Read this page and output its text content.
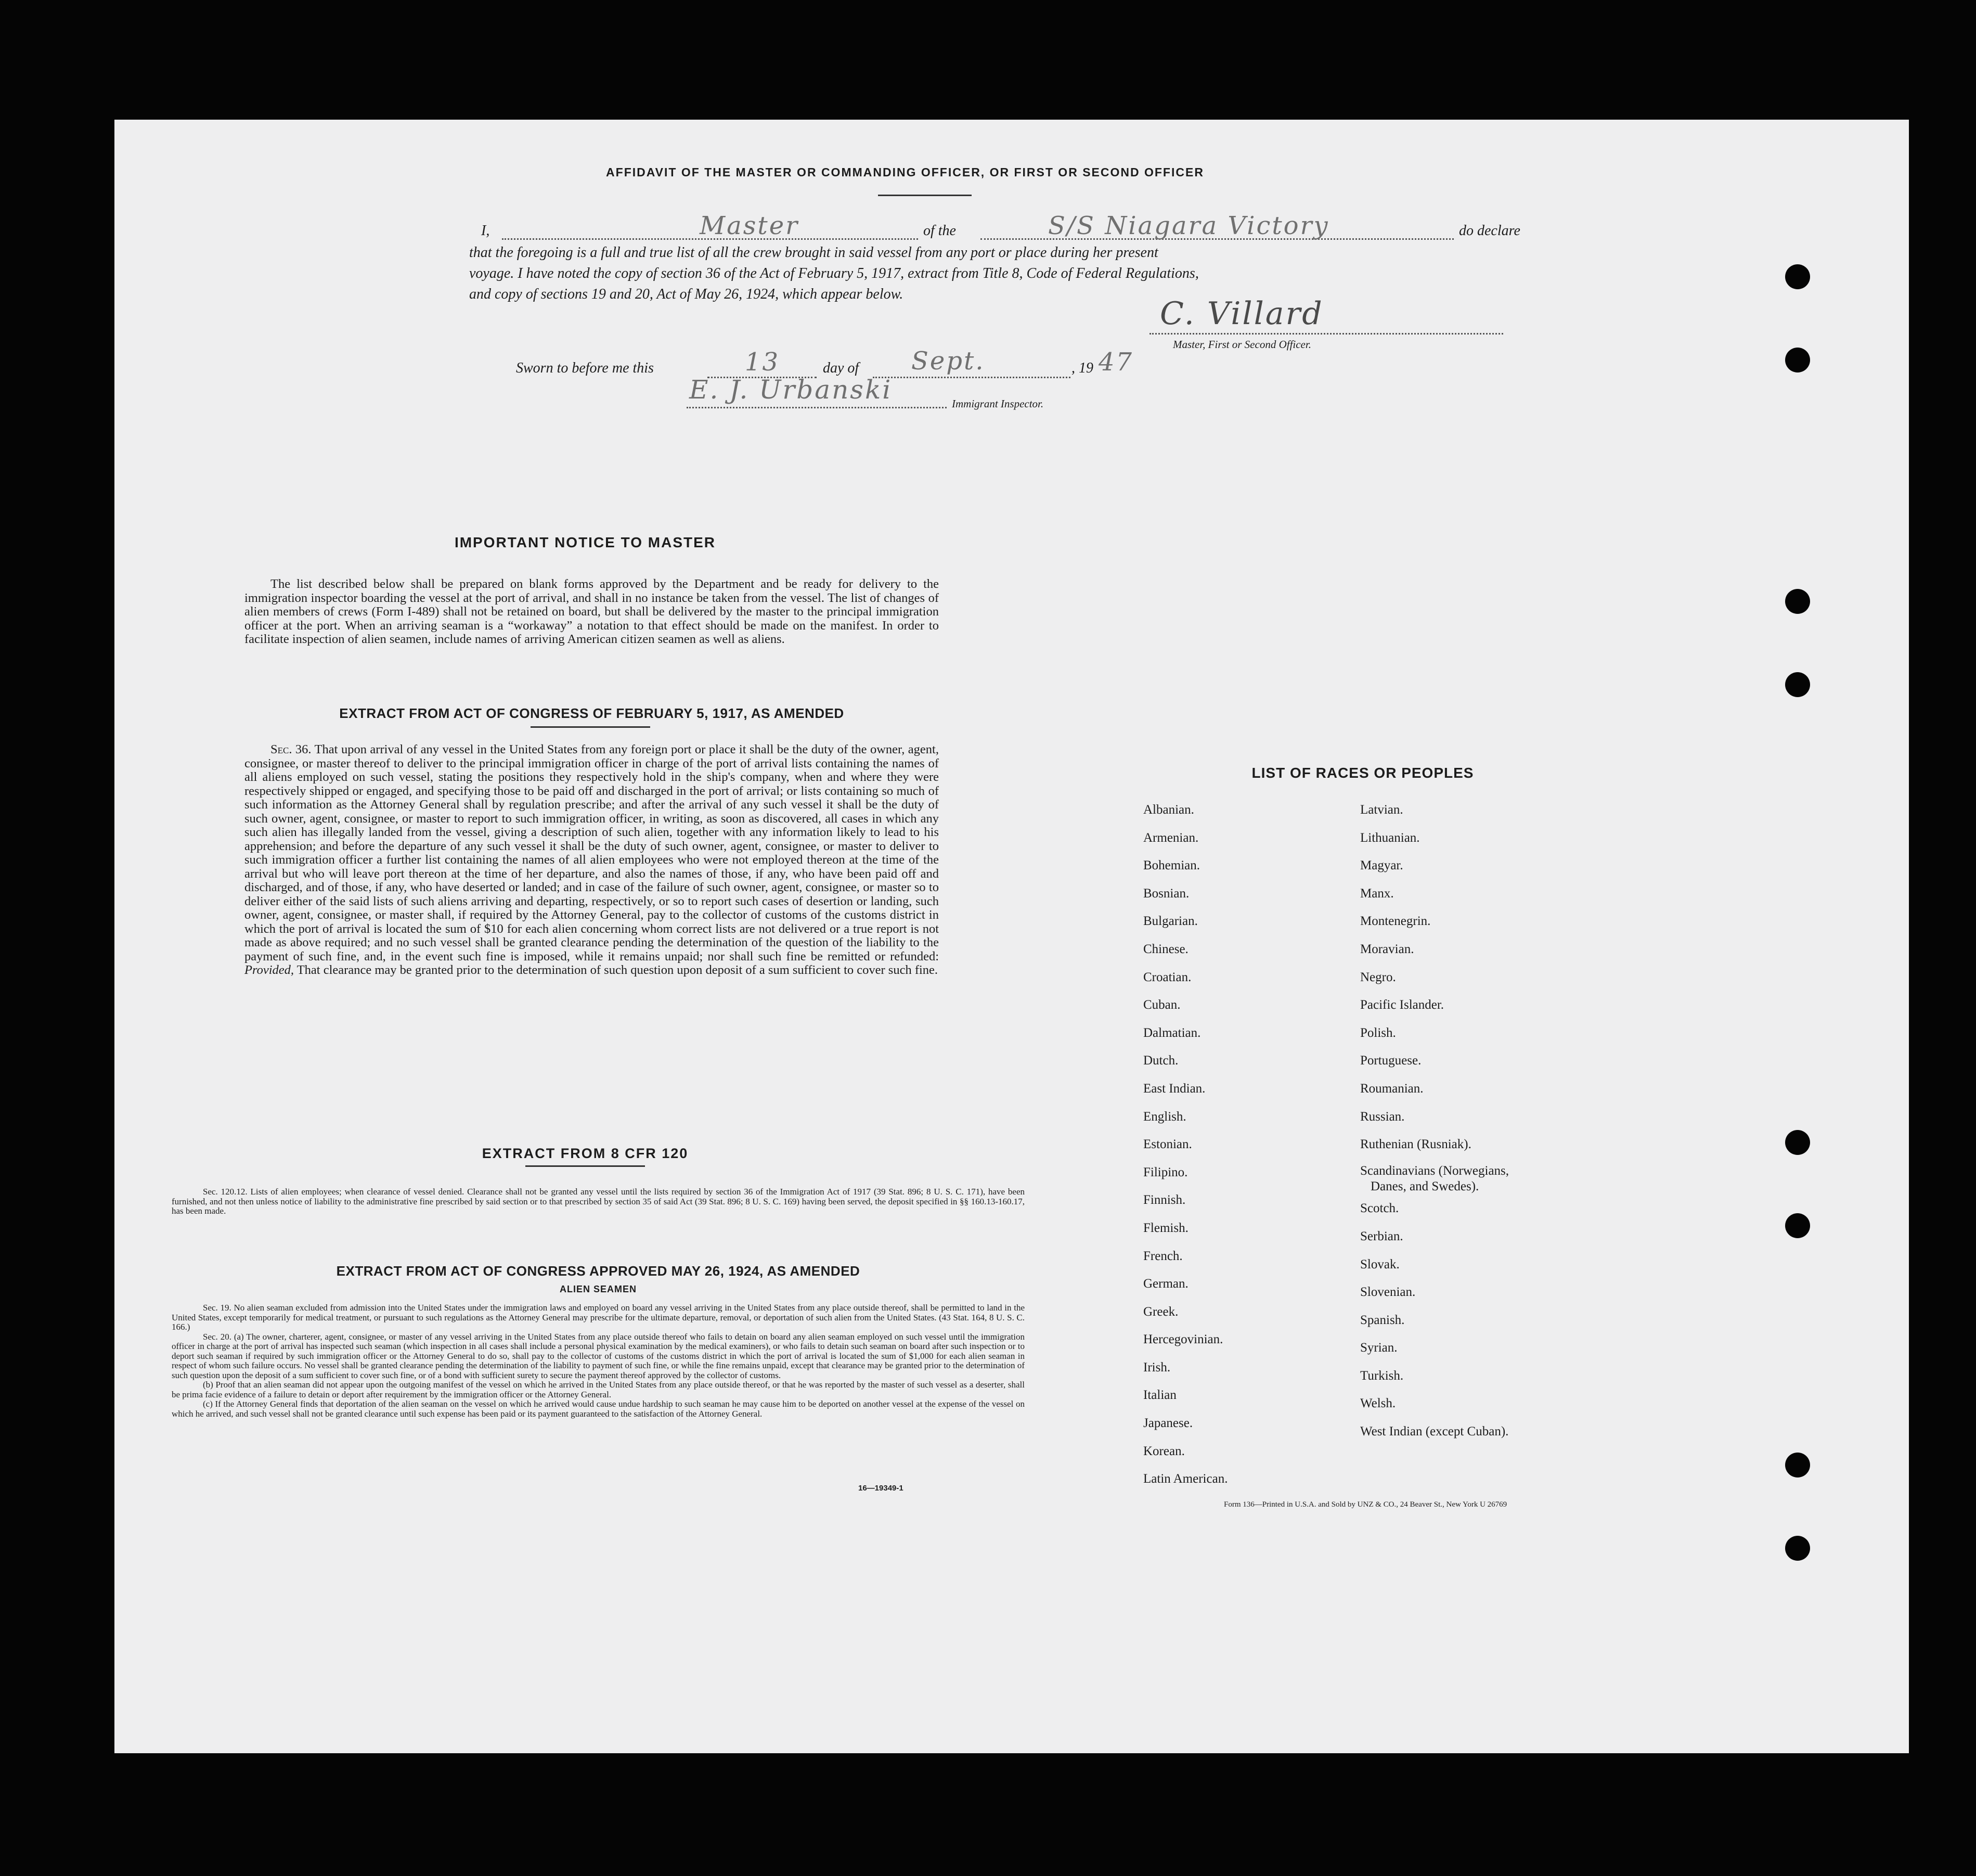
AFFIDAVIT OF THE MASTER OR COMMANDING OFFICER, OR FIRST OR SECOND OFFICER
I,	Master	of the	S/S Niagara Victory	do declare
that the foregoing is a full and true list of all the crew brought in said vessel from any port or place during her present
voyage. I have noted the copy of section 36 of the Act of February 5, 1917, extract from Title 8, Code of Federal Regulations,
and copy of sections 19 and 20, Act of May 26, 1924, which appear below.
C. Villard
Master, First or Second Officer.
Sworn to before me this	13	day of Sept.	, 19 47
E. J. Urbanski	Immigrant Inspector.
IMPORTANT NOTICE TO MASTER
The list described below shall be prepared on blank forms approved by the Department and be ready for delivery to the immigration inspector boarding the vessel at the port of arrival, and shall in no instance be taken from the vessel. The list of changes of alien members of crews (Form I-489) shall not be retained on board, but shall be delivered by the master to the principal immigration officer at the port. When an arriving seaman is a “workaway” a notation to that effect should be made on the manifest. In order to facilitate inspection of alien seamen, include names of arriving American citizen seamen as well as aliens.
EXTRACT FROM ACT OF CONGRESS OF FEBRUARY 5, 1917, AS AMENDED
Sec. 36. That upon arrival of any vessel in the United States from any foreign port or place it shall be the duty of the owner, agent, consignee, or master thereof to deliver to the principal immigration officer in charge of the port of arrival lists containing the names of all aliens employed on such vessel, stating the positions they respectively hold in the ship's company, when and where they were respectively shipped or engaged, and specifying those to be paid off and discharged in the port of arrival; or lists containing so much of such information as the Attorney General shall by regulation prescribe; and after the arrival of any such vessel it shall be the duty of such owner, agent, consignee, or master to report to such immigration officer, in writing, as soon as discovered, all cases in which any such alien has illegally landed from the vessel, giving a description of such alien, together with any information likely to lead to his apprehension; and before the departure of any such vessel it shall be the duty of such owner, agent, consignee, or master to deliver to such immigration officer a further list containing the names of all alien employees who were not employed thereon at the time of the arrival but who will leave port thereon at the time of her departure, and also the names of those, if any, who have been paid off and discharged, and of those, if any, who have deserted or landed; and in case of the failure of such owner, agent, consignee, or master so to deliver either of the said lists of such aliens arriving and departing, respectively, or so to report such cases of desertion or landing, such owner, agent, consignee, or master shall, if required by the Attorney General, pay to the collector of customs of the customs district in which the port of arrival is located the sum of $10 for each alien concerning whom correct lists are not delivered or a true report is not made as above required; and no such vessel shall be granted clearance pending the determination of the question of the liability to the payment of such fine, and, in the event such fine is imposed, while it remains unpaid; nor shall such fine be remitted or refunded: Provided, That clearance may be granted prior to the determination of such question upon deposit of a sum sufficient to cover such fine.
EXTRACT FROM 8 CFR 120
Sec. 120.12. Lists of alien employees; when clearance of vessel denied. Clearance shall not be granted any vessel until the lists required by section 36 of the Immigration Act of 1917 (39 Stat. 896; 8 U. S. C. 171), have been furnished, and not then unless notice of liability to the administrative fine prescribed by said section or to that prescribed by section 35 of said Act (39 Stat. 896; 8 U. S. C. 169) having been served, the deposit specified in §§ 160.13-160.17, has been made.
EXTRACT FROM ACT OF CONGRESS APPROVED MAY 26, 1924, AS AMENDED
ALIEN SEAMEN
Sec. 19. No alien seaman excluded from admission into the United States under the immigration laws and employed on board any vessel arriving in the United States from any place outside thereof, shall be permitted to land in the United States, except temporarily for medical treatment, or pursuant to such regulations as the Attorney General may prescribe for the ultimate departure, removal, or deportation of such alien from the United States. (43 Stat. 164, 8 U. S. C. 166.)
Sec. 20. (a) The owner, charterer, agent, consignee, or master of any vessel arriving in the United States from any place outside thereof who fails to detain on board any alien seaman employed on such vessel until the immigration officer in charge at the port of arrival has inspected such seaman (which inspection in all cases shall include a personal physical examination by the medical examiners), or who fails to detain such seaman on board after such inspection or to deport such seaman if required by such immigration officer or the Attorney General to do so, shall pay to the collector of customs of the customs district in which the port of arrival is located the sum of $1,000 for each alien seaman in respect of whom such failure occurs. No vessel shall be granted clearance pending the determination of the liability to payment of such fine, or while the fine remains unpaid, except that clearance may be granted prior to the determination of such question upon the deposit of a sum sufficient to cover such fine, or of a bond with sufficient surety to secure the payment thereof approved by the collector of customs.
(b) Proof that an alien seaman did not appear upon the outgoing manifest of the vessel on which he arrived in the United States from any place outside thereof, or that he was reported by the master of such vessel as a deserter, shall be prima facie evidence of a failure to detain or deport after requirement by the immigration officer or the Attorney General.
(c) If the Attorney General finds that deportation of the alien seaman on the vessel on which he arrived would cause undue hardship to such seaman he may cause him to be deported on another vessel at the expense of the vessel on which he arrived, and such vessel shall not be granted clearance until such expense has been paid or its payment guaranteed to the satisfaction of the Attorney General.
16—19349-1
LIST OF RACES OR PEOPLES
Albanian.
Armenian.
Bohemian.
Bosnian.
Bulgarian.
Chinese.
Croatian.
Cuban.
Dalmatian.
Dutch.
East Indian.
English.
Estonian.
Filipino.
Finnish.
Flemish.
French.
German.
Greek.
Hercegovinian.
Irish.
Italian
Japanese.
Korean.
Latin American.
Latvian.
Lithuanian.
Magyar.
Manx.
Montenegrin.
Moravian.
Negro.
Pacific Islander.
Polish.
Portuguese.
Roumanian.
Russian.
Ruthenian (Rusniak).
Scandinavians (Norwegians,
Danes, and Swedes).
Scotch.
Serbian.
Slovak.
Slovenian.
Spanish.
Syrian.
Turkish.
Welsh.
West Indian (except Cuban).
Form 136—Printed in U.S.A. and Sold by UNZ & CO., 24 Beaver St., New York U 26769
